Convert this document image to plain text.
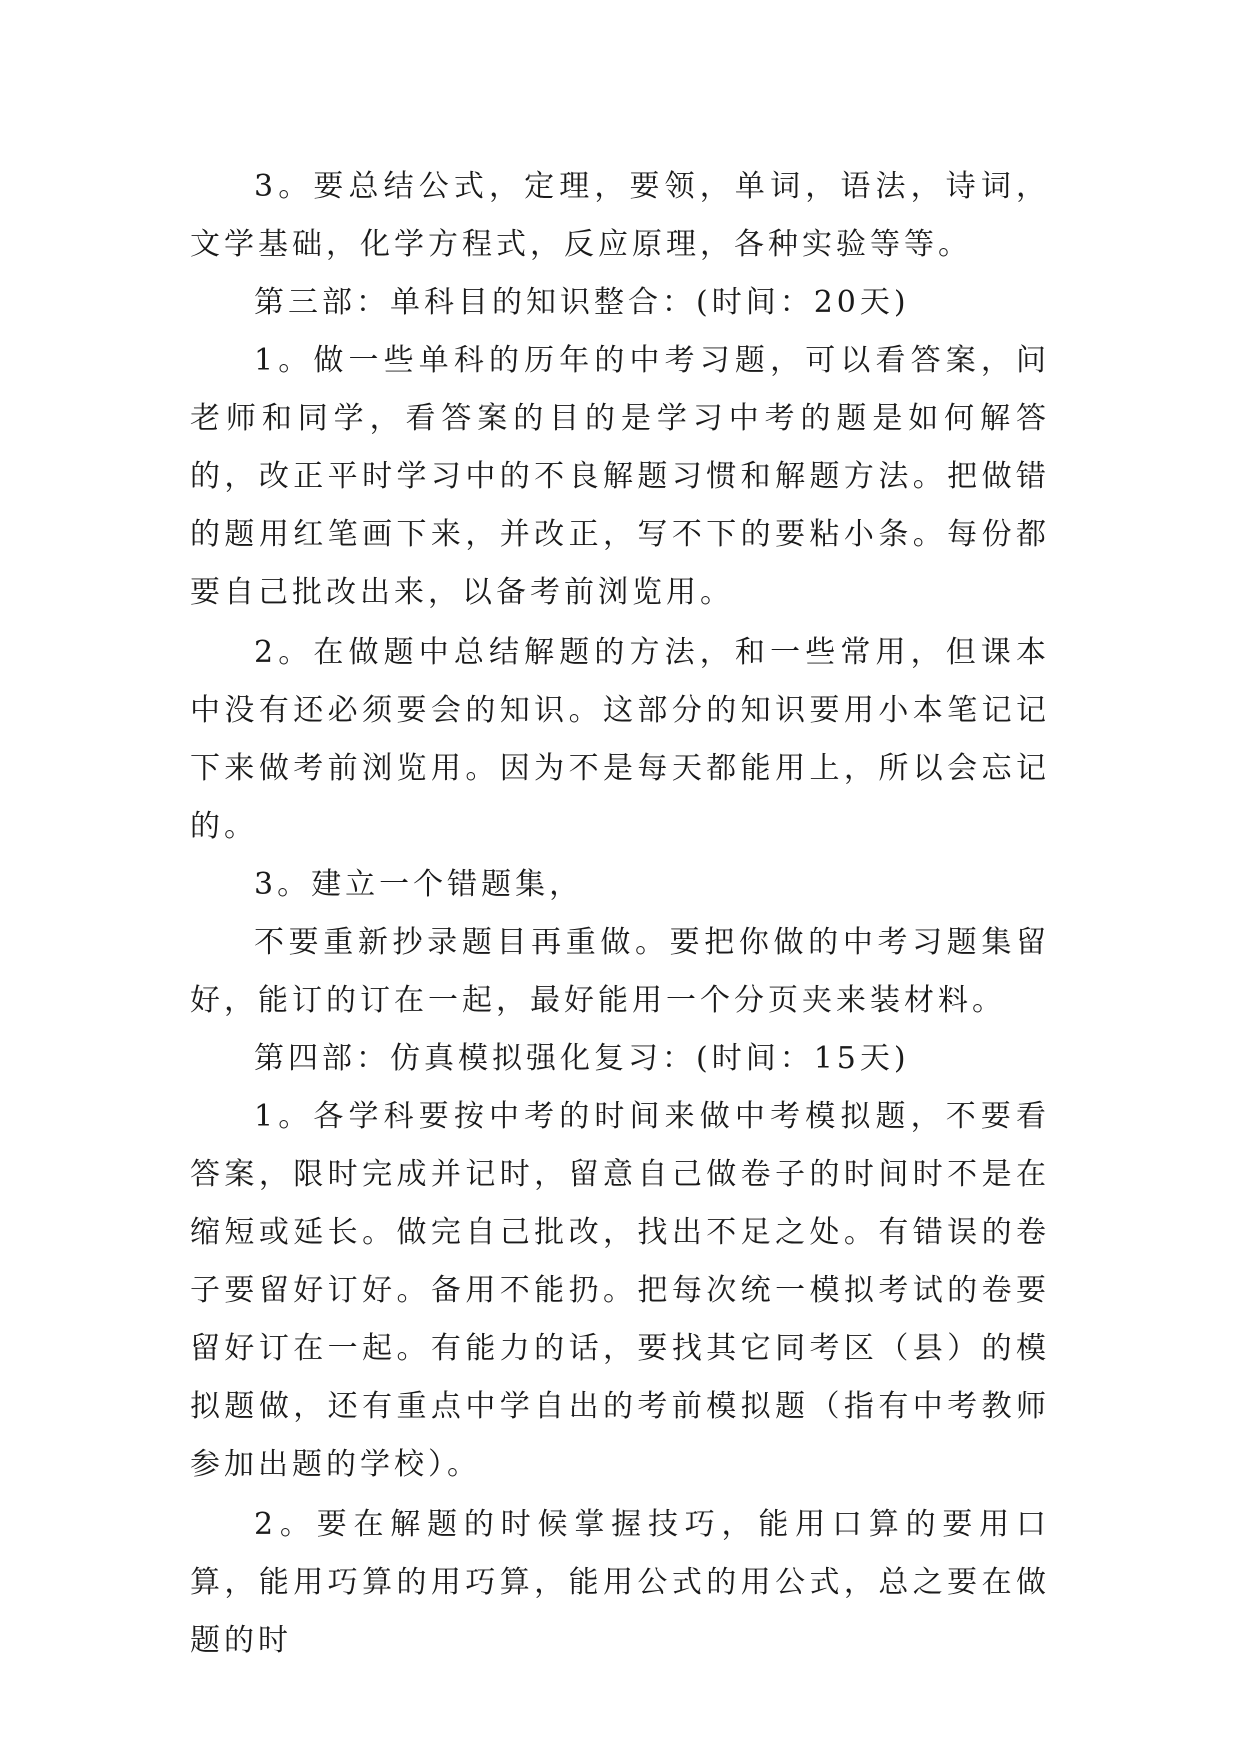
3。要总结公式，定理，要领，单词，语法，诗词，文学基础，化学方程式，反应原理，各种实验等等。

第三部：单科目的知识整合：(时间：20天)

1。做一些单科的历年的中考习题，可以看答案，问老师和同学，看答案的目的是学习中考的题是如何解答的，改正平时学习中的不良解题习惯和解题方法。把做错的题用红笔画下来，并改正，写不下的要粘小条。每份都要自己批改出来，以备考前浏览用。

2。在做题中总结解题的方法，和一些常用，但课本中没有还必须要会的知识。这部分的知识要用小本笔记记下来做考前浏览用。因为不是每天都能用上，所以会忘记的。

3。建立一个错题集，

不要重新抄录题目再重做。要把你做的中考习题集留好，能订的订在一起，最好能用一个分页夹来装材料。

第四部：仿真模拟强化复习：(时间：15天)

1。各学科要按中考的时间来做中考模拟题，不要看答案，限时完成并记时，留意自己做卷子的时间时不是在缩短或延长。做完自己批改，找出不足之处。有错误的卷子要留好订好。备用不能扔。把每次统一模拟考试的卷要留好订在一起。有能力的话，要找其它同考区（县）的模拟题做，还有重点中学自出的考前模拟题（指有中考教师参加出题的学校）。

2。要在解题的时候掌握技巧，能用口算的要用口算，能用巧算的用巧算，能用公式的用公式，总之要在做题的时
